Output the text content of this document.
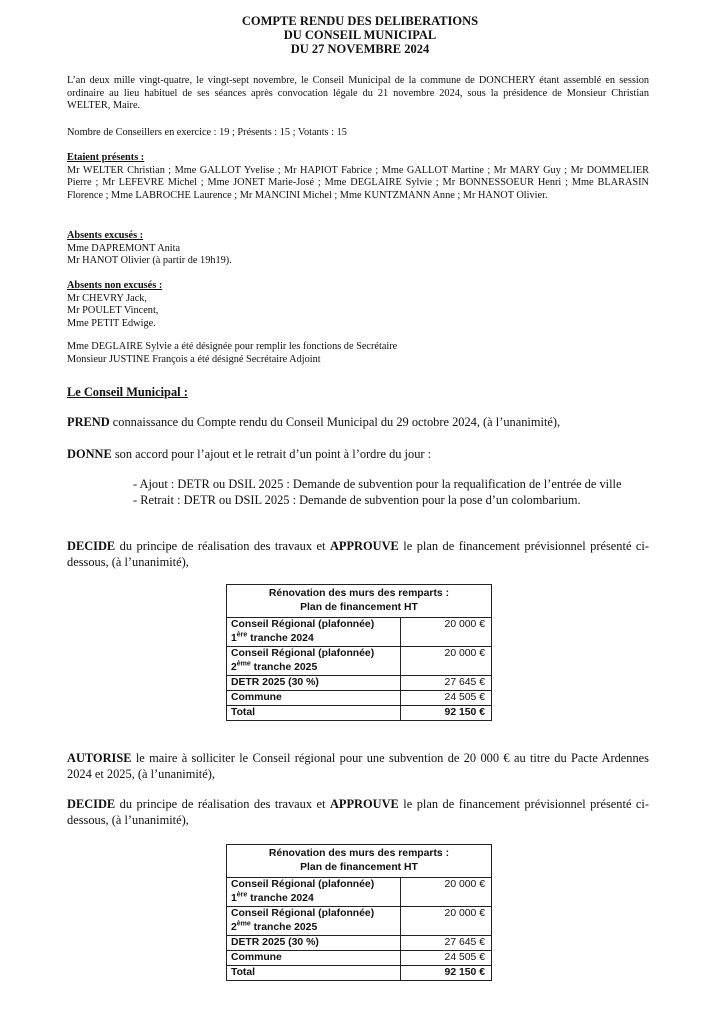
COMPTE RENDU DES DELIBERATIONS
DU CONSEIL MUNICIPAL
DU 27 NOVEMBRE 2024
L’an deux mille vingt-quatre, le vingt-sept novembre, le Conseil Municipal de la commune de DONCHERY étant assemblé en session ordinaire au lieu habituel de ses séances après convocation légale du 21 novembre 2024, sous la présidence de Monsieur Christian WELTER, Maire.
Nombre de Conseillers en exercice : 19 ; Présents : 15 ; Votants : 15
Etaient présents :
Mr WELTER Christian ; Mme GALLOT Yvelise ; Mr HAPIOT Fabrice ; Mme GALLOT Martine ; Mr MARY Guy ; Mr DOMMELIER Pierre ; Mr LEFEVRE Michel ; Mme JONET Marie-José ; Mme DEGLAIRE Sylvie ; Mr BONNESSOEUR Henri ; Mme BLARASIN Florence ; Mme LABROCHE Laurence ; Mr MANCINI Michel ; Mme KUNTZMANN Anne ; Mr HANOT Olivier.
Absents excusés :
Mme DAPREMONT Anita
Mr HANOT Olivier (à partir de 19h19).
Absents non excusés :
Mr CHEVRY Jack,
Mr POULET Vincent,
Mme PETIT Edwige.
Mme DEGLAIRE Sylvie a été désignée pour remplir les fonctions de Secrétaire
Monsieur JUSTINE François a été désigné Secrétaire Adjoint
Le Conseil Municipal :
PREND connaissance du Compte rendu du Conseil Municipal du 29 octobre 2024, (à l’unanimité),
DONNE son accord pour l’ajout et le retrait d’un point à l’ordre du jour :
- Ajout : DETR ou DSIL 2025 : Demande de subvention pour la requalification de l’entrée de ville
- Retrait : DETR ou DSIL 2025 : Demande de subvention pour la pose d’un colombarium.
DECIDE du principe de réalisation des travaux et APPROUVE le plan de financement prévisionnel présenté ci-dessous, (à l’unanimité),
Rénovation des murs des remparts :
Plan de financement HT	

Conseil Régional (plafonnée)
1ère tranche 2024	20 000 €

Conseil Régional (plafonnée)
2ème tranche 2025	20 000 €
DETR 2025 (30 %)	27 645 €
Commune	24 505 €
Total	92 150 €
AUTORISE le maire à solliciter le Conseil régional pour une subvention de 20 000 € au titre du Pacte Ardennes 2024 et 2025, (à l’unanimité),
DECIDE du principe de réalisation des travaux et APPROUVE le plan de financement prévisionnel présenté ci-dessous, (à l’unanimité),
Rénovation des murs des remparts :
Plan de financement HT	

Conseil Régional (plafonnée)
1ère tranche 2024	20 000 €

Conseil Régional (plafonnée)
2ème tranche 2025	20 000 €
DETR 2025 (30 %)	27 645 €
Commune	24 505 €
Total	92 150 €
